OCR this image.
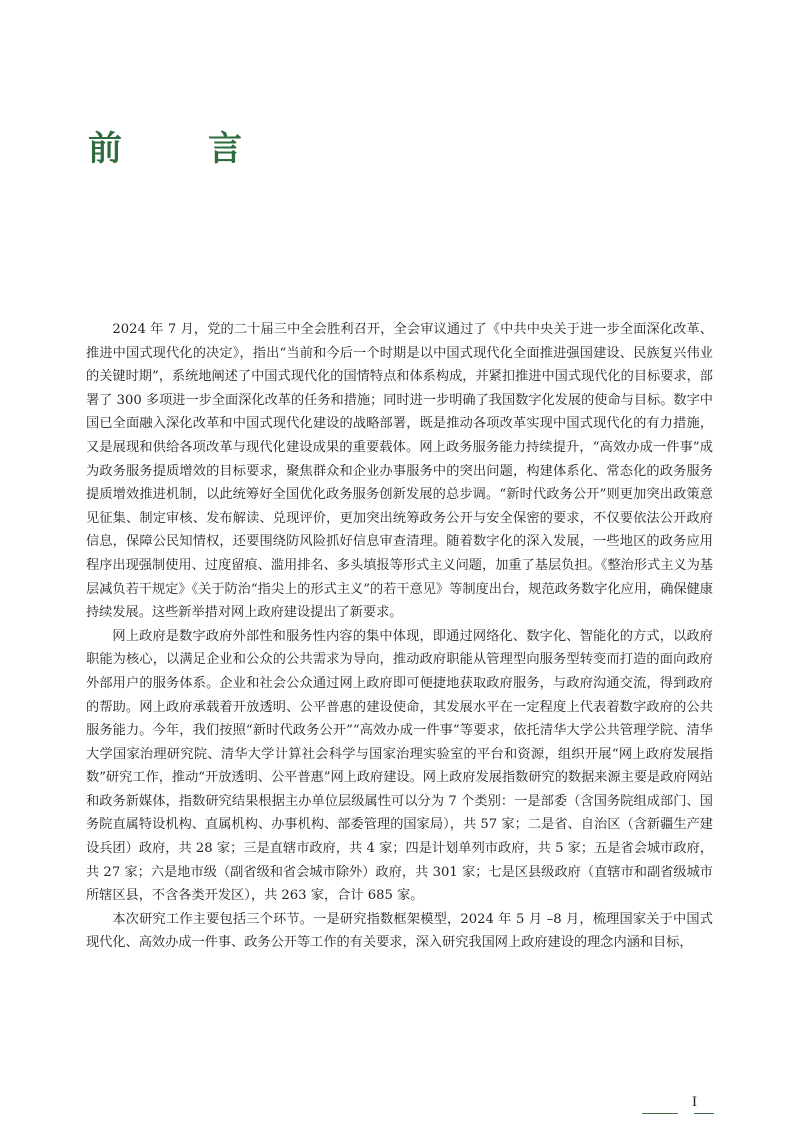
前　言

2024 年 7 月，党的二十届三中全会胜利召开，全会审议通过了《中共中央关于进一步全面深化改革、推进中国式现代化的决定》，指出“当前和今后一个时期是以中国式现代化全面推进强国建设、民族复兴伟业的关键时期”，系统地阐述了中国式现代化的国情特点和体系构成，并紧扣推进中国式现代化的目标要求，部署了 300 多项进一步全面深化改革的任务和措施；同时进一步明确了我国数字化发展的使命与目标。数字中国已全面融入深化改革和中国式现代化建设的战略部署，既是推动各项改革实现中国式现代化的有力措施，又是展现和供给各项改革与现代化建设成果的重要载体。网上政务服务能力持续提升，“高效办成一件事”成为政务服务提质增效的目标要求，聚焦群众和企业办事服务中的突出问题，构建体系化、常态化的政务服务提质增效推进机制，以此统筹好全国优化政务服务创新发展的总步调。“新时代政务公开”则更加突出政策意见征集、制定审核、发布解读、兑现评价，更加突出统筹政务公开与安全保密的要求，不仅要依法公开政府信息，保障公民知情权，还要围绕防风险抓好信息审查清理。随着数字化的深入发展，一些地区的政务应用程序出现强制使用、过度留痕、滥用排名、多头填报等形式主义问题，加重了基层负担。《整治形式主义为基层减负若干规定》《关于防治“指尖上的形式主义”的若干意见》等制度出台，规范政务数字化应用，确保健康持续发展。这些新举措对网上政府建设提出了新要求。

网上政府是数字政府外部性和服务性内容的集中体现，即通过网络化、数字化、智能化的方式，以政府职能为核心，以满足企业和公众的公共需求为导向，推动政府职能从管理型向服务型转变而打造的面向政府外部用户的服务体系。企业和社会公众通过网上政府即可便捷地获取政府服务，与政府沟通交流，得到政府的帮助。网上政府承载着开放透明、公平普惠的建设使命，其发展水平在一定程度上代表着数字政府的公共服务能力。今年，我们按照“新时代政务公开”“高效办成一件事”等要求，依托清华大学公共管理学院、清华大学国家治理研究院、清华大学计算社会科学与国家治理实验室的平台和资源，组织开展“网上政府发展指数”研究工作，推动“开放透明、公平普惠”网上政府建设。网上政府发展指数研究的数据来源主要是政府网站和政务新媒体，指数研究结果根据主办单位层级属性可以分为 7 个类别：一是部委（含国务院组成部门、国务院直属特设机构、直属机构、办事机构、部委管理的国家局），共 57 家；二是省、自治区（含新疆生产建设兵团）政府，共 28 家；三是直辖市政府，共 4 家；四是计划单列市政府，共 5 家；五是省会城市政府，共 27 家；六是地市级（副省级和省会城市除外）政府，共 301 家；七是区县级政府（直辖市和副省级城市所辖区县，不含各类开发区），共 263 家，合计 685 家。

本次研究工作主要包括三个环节。一是研究指数框架模型，2024 年 5 月 –8 月，梳理国家关于中国式现代化、高效办成一件事、政务公开等工作的有关要求，深入研究我国网上政府建设的理念内涵和目标，

I
